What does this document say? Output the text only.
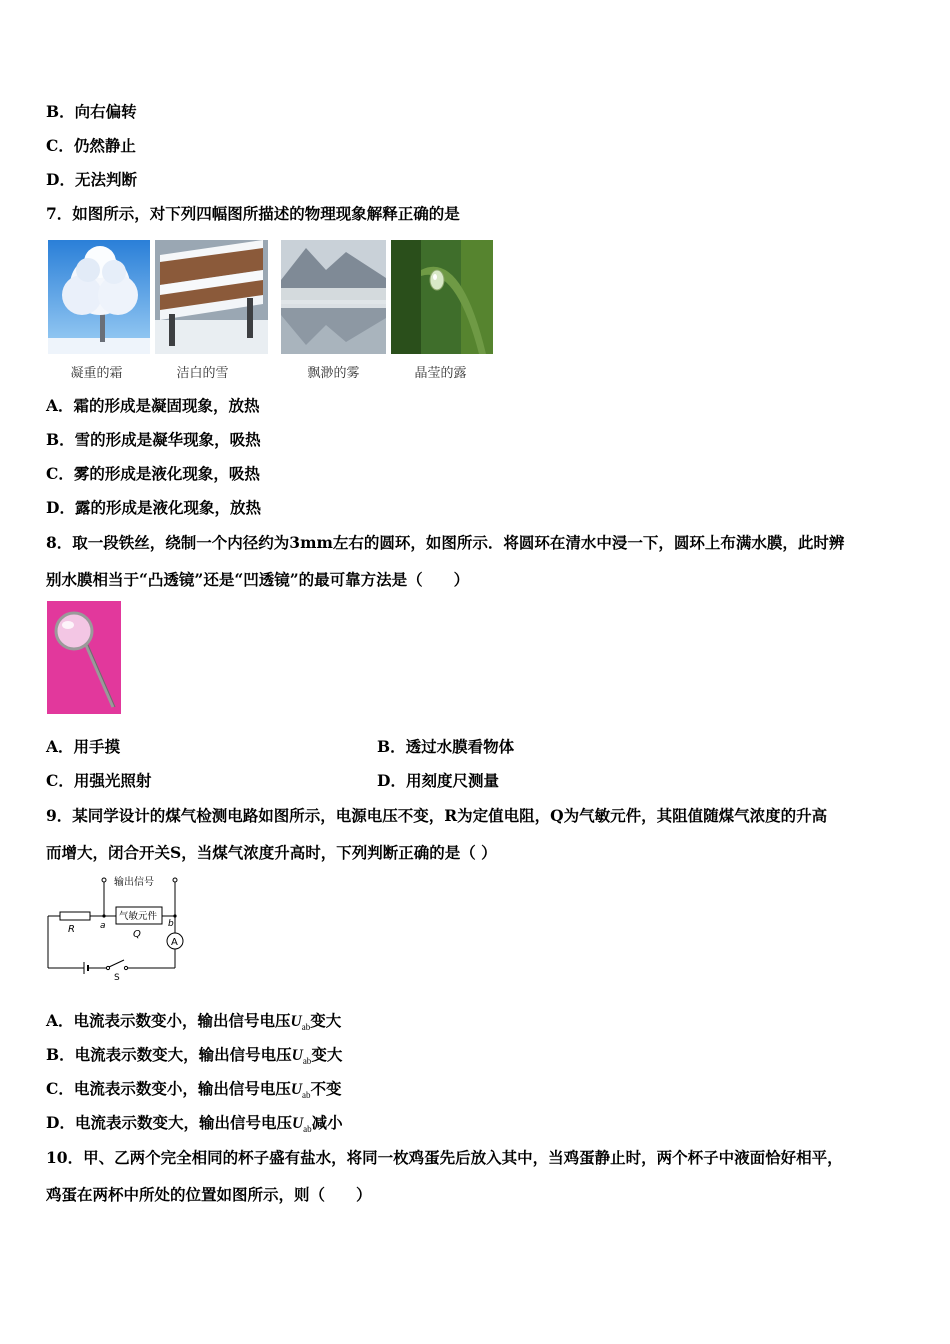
B．向右偏转
C．仍然静止
D．无法判断
7．如图所示，对下列四幅图所描述的物理现象解释正确的是
凝重的霜	洁白的雪	飘渺的雾	晶莹的露
A．霜的形成是凝固现象，放热
B．雪的形成是凝华现象，吸热
C．雾的形成是液化现象，吸热
D．露的形成是液化现象，放热
8．取一段铁丝，绕制一个内径约为3mm左右的圆环，如图所示．将圆环在清水中浸一下，圆环上布满水膜，此时辨
别水膜相当于“凸透镜”还是“凹透镜”的最可靠方法是（　　）
A．用手摸	B．透过水膜看物体
C．用强光照射	D．用刻度尺测量
9．某同学设计的煤气检测电路如图所示，电源电压不变，R为定值电阻，Q为气敏元件，其阻值随煤气浓度的升高
而增大，闭合开关S，当煤气浓度升高时，下列判断正确的是（ ）
输出信号
气敏元件
R	a
Q
b
A
S
A．电流表示数变小，输出信号电压$U_{ab}$变大
B．电流表示数变大，输出信号电压$U_{ab}$变大
C．电流表示数变小，输出信号电压$U_{ab}$不变
D．电流表示数变大，输出信号电压$U_{ab}$减小
10．甲、乙两个完全相同的杯子盛有盐水，将同一枚鸡蛋先后放入其中，当鸡蛋静止时，两个杯子中液面恰好相平，
鸡蛋在两杯中所处的位置如图所示，则（　　）
